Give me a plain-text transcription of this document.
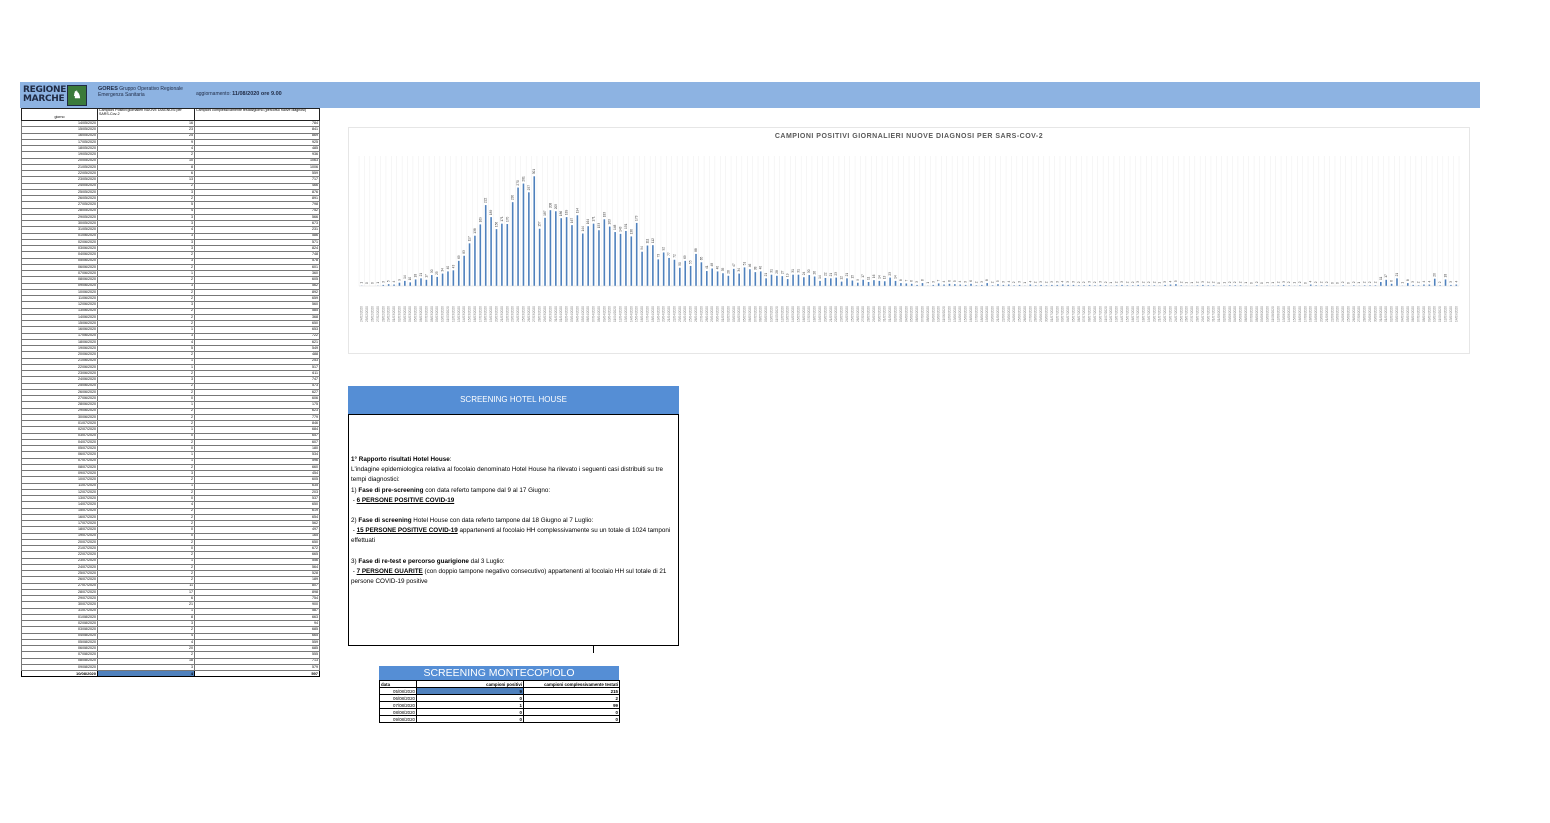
REGIONE
MARCHE ♞
GORES Gruppo Operativo Regionale Emergenza Sanitaria	aggiornamento: 11/08/2020 ore 9.00
giorno	Campioni Positivi giornalieri NUOVE DIAGNOSI per SARS-Cov-2	Campioni complessivamente testati/giorno (percorso nuove diagnosi)
14/05/2020	16	784
15/05/2020	23	841
16/05/2020	25	869
17/05/2020	9	925
18/05/2020	4	485
19/05/2020	2	936
20/05/2020	10	1063
21/05/2020	8	1006
22/05/2020	6	559
23/05/2020	13	717
24/05/2020	2	466
25/05/2020	3	876
26/05/2020	2	891
27/05/2020	5	798
28/05/2020	4	752
29/05/2020	3	566
30/05/2020	3	673
31/05/2020	4	231
01/06/2020	3	586
02/06/2020	3	571
03/06/2020	3	824
04/06/2020	2	748
05/06/2020	3	578
06/06/2020	2	601
07/06/2020	1	360
08/06/2020	2	605
09/06/2020	3	562
10/06/2020	2	892
11/06/2020	2	659
12/06/2020	3	560
13/06/2020	2	585
14/06/2020	2	368
15/06/2020	2	650
16/06/2020	1	653
17/06/2020	3	722
18/06/2020	4	621
19/06/2020	5	549
20/06/2020	2	488
21/06/2020	1	253
22/06/2020	1	517
23/06/2020	2	611
24/06/2020	3	747
25/06/2020	2	573
26/06/2020	2	627
27/06/2020	0	606
28/06/2020	1	175
29/06/2020	2	623
30/06/2020	2	779
01/07/2020	2	846
02/07/2020	1	684
03/07/2020	0	657
04/07/2020	2	607
05/07/2020	0	180
06/07/2020	1	534
07/07/2020	1	596
08/07/2020	2	660
09/07/2020	3	454
10/07/2020	2	605
11/07/2020	1	635
12/07/2020	2	203
13/07/2020	0	537
14/07/2020	4	650
15/07/2020	2	619
16/07/2020	2	654
17/07/2020	2	562
18/07/2020	0	497
19/07/2020	0	165
20/07/2020	2	650
21/07/2020	0	672
22/07/2020	2	665
23/07/2020	1	556
24/07/2020	2	564
25/07/2020	2	528
26/07/2020	2	189
27/07/2020	11	807
28/07/2020	17	898
29/07/2020	6	754
30/07/2020	21	900
31/07/2020	1	587
01/08/2020	8	663
02/08/2020	3	94
03/08/2020	2	685
04/08/2020	4	665
05/08/2020	4	559
06/08/2020	20	685
07/08/2020	2	555
08/08/2020	18	713
09/08/2020	3	579
10/08/2020	4	597
CAMPIONI POSITIVI GIORNALIERI NUOVE DIAGNOSI PER SARS-COV-2
1
24/02/2020
0
25/02/2020
0
26/02/2020
1
27/02/2020
3
28/02/2020
5
29/02/2020
4
01/03/2020
9
02/03/2020
14
03/03/2020
10
04/03/2020
18
05/03/2020
21
06/03/2020
17
07/03/2020
30
08/03/2020
25
09/03/2020
34
10/03/2020
40
11/03/2020
43
12/03/2020
69
13/03/2020
83
14/03/2020
117
15/03/2020
138
16/03/2020
169
17/03/2020
222
18/03/2020
189
19/03/2020
156
20/03/2020
171
21/03/2020
170
22/03/2020
230
23/03/2020
270
24/03/2020
281
25/03/2020
257
26/03/2020
301
27/03/2020
157
28/03/2020
187
29/03/2020
208
30/03/2020
205
31/03/2020
186
01/04/2020
189
02/04/2020
167
03/04/2020
194
04/04/2020
144
05/04/2020
164
06/04/2020
171
07/04/2020
153
08/04/2020
183
09/04/2020
163
10/04/2020
148
11/04/2020
143
12/04/2020
151
13/04/2020
136
14/04/2020
173
15/04/2020
94
16/04/2020
111
17/04/2020
112
18/04/2020
73
19/04/2020
92
20/04/2020
77
21/04/2020
72
22/04/2020
50
23/04/2020
69
24/04/2020
55
25/04/2020
88
26/04/2020
65
27/04/2020
41
28/04/2020
48
29/04/2020
40
30/04/2020
35
01/05/2020
28
02/05/2020
47
03/05/2020
34
04/05/2020
51
05/05/2020
46
06/05/2020
38
07/05/2020
40
08/05/2020
21
09/05/2020
31
10/05/2020
28
11/05/2020
27
12/05/2020
19
13/05/2020
31
14/05/2020
31
15/05/2020
24
16/05/2020
30
17/05/2020
26
18/05/2020
14
19/05/2020
22
20/05/2020
21
21/05/2020
23
22/05/2020
12
23/05/2020
21
24/05/2020
15
25/05/2020
9
26/05/2020
17
27/05/2020
11
28/05/2020
16
29/05/2020
14
30/05/2020
13
31/05/2020
23
01/06/2020
14
02/06/2020
8
03/06/2020
7
04/06/2020
6
05/06/2020
3
06/06/2020
8
07/06/2020
1
08/06/2020
3
09/06/2020
7
10/06/2020
4
11/06/2020
6
12/06/2020
5
13/06/2020
4
14/06/2020
3
15/06/2020
6
16/06/2020
2
17/06/2020
3
18/06/2020
8
19/06/2020
2
20/06/2020
5
21/06/2020
3
22/06/2020
4
23/06/2020
2
24/06/2020
3
25/06/2020
1
26/06/2020
4
27/06/2020
2
28/06/2020
3
29/06/2020
2
30/06/2020
3
01/07/2020
3
02/07/2020
4
03/07/2020
3
04/07/2020
3
05/07/2020
2
06/07/2020
2
07/07/2020
3
08/07/2020
2
09/07/2020
3
10/07/2020
2
11/07/2020
1
12/07/2020
2
13/07/2020
3
14/07/2020
2
15/07/2020
2
16/07/2020
3
17/07/2020
2
18/07/2020
2
19/07/2020
2
20/07/2020
1
21/07/2020
3
22/07/2020
4
23/07/2020
5
24/07/2020
2
25/07/2020
1
26/07/2020
1
27/07/2020
2
28/07/2020
3
29/07/2020
2
30/07/2020
2
31/07/2020
0
01/08/2020
1
02/08/2020
2
03/08/2020
2
04/08/2020
2
05/08/2020
1
06/08/2020
0
07/08/2020
2
08/08/2020
0
09/08/2020
1
10/08/2020
1
11/08/2020
2
12/08/2020
3
13/08/2020
2
14/08/2020
1
15/08/2020
2
16/08/2020
0
17/08/2020
4
18/08/2020
2
19/08/2020
2
20/08/2020
2
21/08/2020
0
22/08/2020
0
23/08/2020
2
24/08/2020
0
25/08/2020
2
26/08/2020
1
27/08/2020
2
28/08/2020
2
29/08/2020
2
30/08/2020
11
31/08/2020
17
01/09/2020
6
02/09/2020
21
03/09/2020
1
04/09/2020
8
05/09/2020
3
06/09/2020
2
07/09/2020
4
08/09/2020
4
09/09/2020
20
10/09/2020
2
11/09/2020
18
12/09/2020
3
13/09/2020
4
14/09/2020
SCREENING HOTEL HOUSE

1° Rapporto risultati Hotel House:

L'indagine epidemiologica relativa al focolaio denominato Hotel House ha rilevato i seguenti casi distribuiti su tre tempi diagnostici:

1) Fase di pre-screening con data referto tampone dal 9 al 17 Giugno:

- 6 PERSONE POSITIVE COVID-19

2) Fase di screening Hotel House con data referto tampone dal 18 Giugno al 7 Luglio:

- 15 PERSONE POSITIVE COVID-19 appartenenti al focolaio HH complessivamente su un totale di 1024 tamponi effettuati

3) Fase di re-test e percorso guarigione dal 3 Luglio:

- 7 PERSONE GUARITE (con doppio tampone negativo consecutivo) appartenenti al focolaio HH sul totale di 21 persone COVID-19 positive

SCREENING MONTECOPIOLO
data	campioni positivi	campioni complessivamente testati
05/08/2020	9	215
06/08/2020	0	2
07/08/2020	1	99
08/08/2020	0	0
09/08/2020	0	0
